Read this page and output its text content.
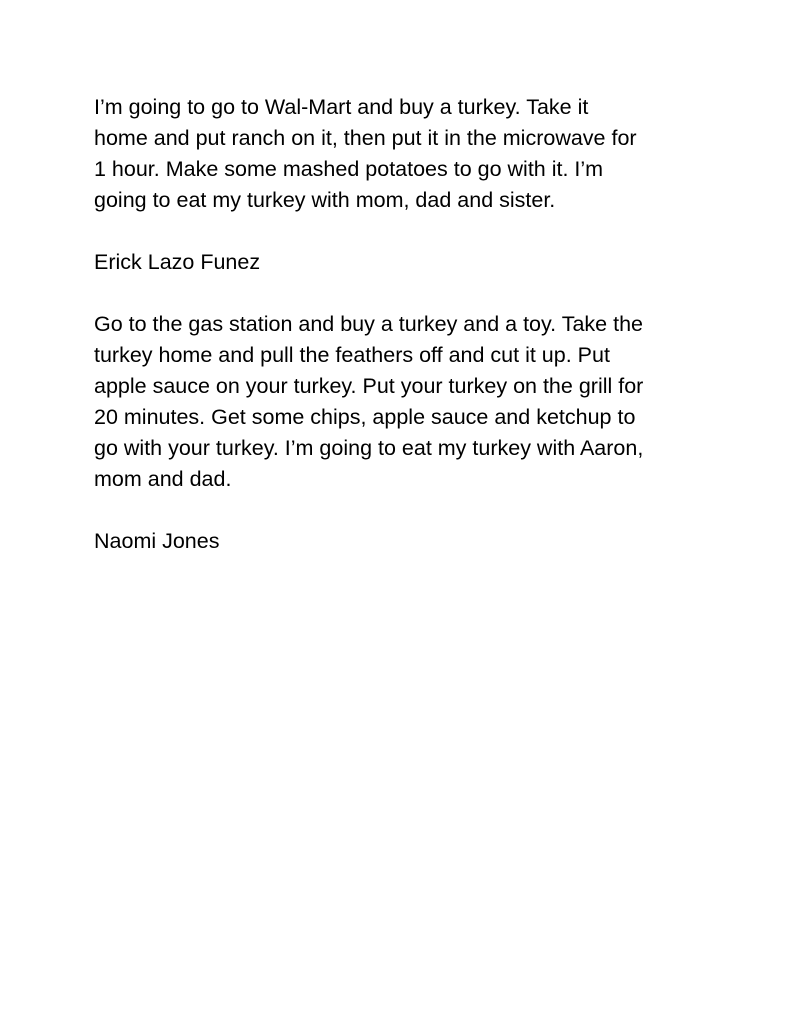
I’m going to go to Wal-Mart and buy a turkey. Take it
home and put ranch on it, then put it in the microwave for
1 hour. Make some mashed potatoes to go with it. I’m
going to eat my turkey with mom, dad and sister.

Erick Lazo Funez

Go to the gas station and buy a turkey and a toy. Take the
turkey home and pull the feathers off and cut it up. Put
apple sauce on your turkey. Put your turkey on the grill for
20 minutes. Get some chips, apple sauce and ketchup to
go with your turkey. I’m going to eat my turkey with Aaron,
mom and dad.

Naomi Jones
